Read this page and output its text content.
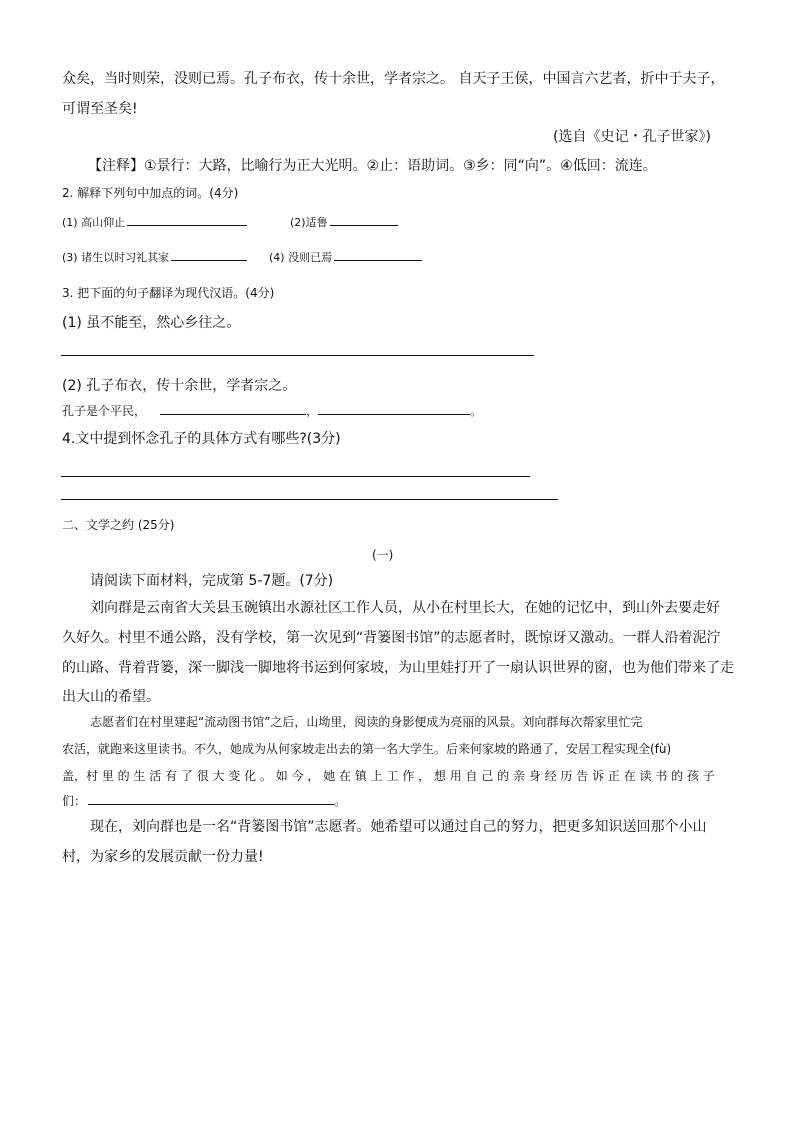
众矣，当时则荣，没则已焉。孔子布衣，传十余世，学者宗之。 自天子王侯，中国言六艺者，折中于夫子，
可谓至圣矣!
(选自《史记・孔子世家》)
【注释】①景行：大路，比喻行为正大光明。②止：语助词。③乡：同“向”。④低回：流连。
2. 解释下列句中加点的词。(4分)
(1) 高山仰止	(2)适鲁
(3) 诸生以时习礼其家	(4) 没则已焉
3. 把下面的句子翻译为现代汉语。(4分)
(1) 虽不能至，然心乡往之。
(2) 孔子布衣，传十余世，学者宗之。
孔子是个平民，	，	。
4.文中提到怀念孔子的具体方式有哪些?(3分)
二、文学之约 (25分)
(一)
请阅读下面材料，完成第 5-7题。(7分)
刘向群是云南省大关县玉碗镇出水源社区工作人员，从小在村里长大，在她的记忆中，到山外去要走好
久好久。村里不通公路，没有学校，第一次见到“背篓图书馆”的志愿者时，既惊讶又激动。一群人沿着泥泞
的山路、背着背篓，深一脚浅一脚地将书运到何家坡，为山里娃打开了一扇认识世界的窗，也为他们带来了走
出大山的希望。
志愿者们在村里建起“流动图书馆”之后，山坳里，阅读的身影便成为亮丽的风景。刘向群每次帮家里忙完
农活，就跑来这里读书。不久，她成为从何家坡走出去的第一名大学生。后来何家坡的路通了，安居工程实现全(fù)
盖，村 里 的 生 活 有 了 很 大 变 化 。 如 今 ， 她 在 镇 上 工 作 ， 想 用 自 己 的 亲 身 经 历 告 诉 正 在 读 书 的 孩 子
们：	。
现在，刘向群也是一名“背篓图书馆”志愿者。她希望可以通过自己的努力，把更多知识送回那个小山
村，为家乡的发展贡献一份力量!
